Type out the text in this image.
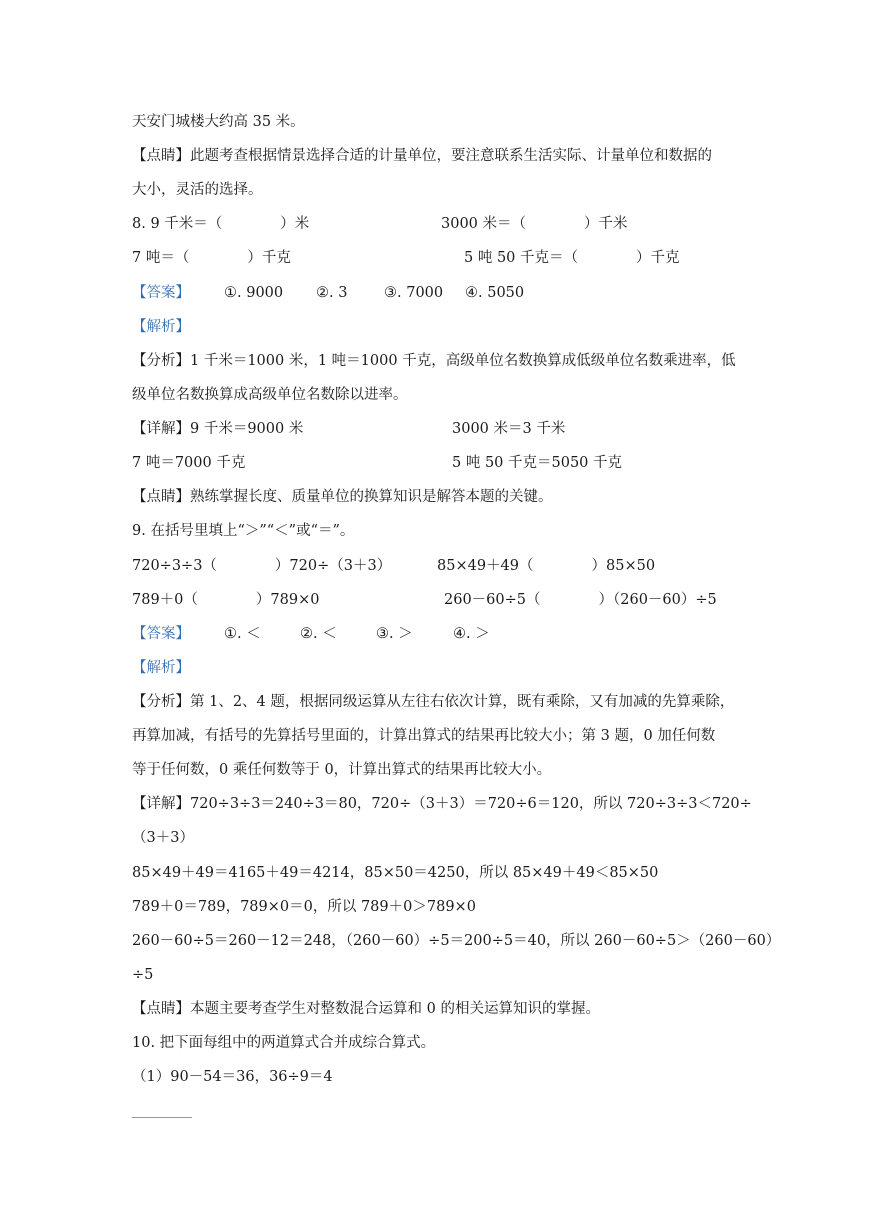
天安门城楼大约高 35 米。
【点睛】此题考查根据情景选择合适的计量单位，要注意联系生活实际、计量单位和数据的
大小，灵活的选择。
8. 9 千米＝（　　　　）米	3000 米＝（　　　　）千米
7 吨＝（　　　　）千克	5 吨 50 千克＝（　　　　）千克
【答案】 ①. 9000 ②. 3	③. 7000 ④. 5050
【解析】
【分析】1 千米＝1000 米，1 吨＝1000 千克，高级单位名数换算成低级单位名数乘进率，低
级单位名数换算成高级单位名数除以进率。
【详解】9 千米＝9000 米	3000 米＝3 千米
7 吨＝7000 千克	5 吨 50 千克＝5050 千克
【点睛】熟练掌握长度、质量单位的换算知识是解答本题的关键。
9. 在括号里填上“＞”“＜”或“＝”。
720÷3÷3（　　　　）720÷（3＋3）	85×49＋49（　　　　）85×50
789＋0（　　　　）789×0	260－60÷5（　　　　）（260－60）÷5
【答案】 ①. ＜	②. ＜	③. ＞	④. ＞
【解析】
【分析】第 1、2、4 题，根据同级运算从左往右依次计算，既有乘除，又有加减的先算乘除，
再算加减，有括号的先算括号里面的，计算出算式的结果再比较大小；第 3 题，0 加任何数
等于任何数，0 乘任何数等于 0，计算出算式的结果再比较大小。
【详解】720÷3÷3＝240÷3＝80，720÷（3＋3）＝720÷6＝120，所以 720÷3÷3＜720÷
（3＋3）
85×49＋49＝4165＋49＝4214，85×50＝4250，所以 85×49＋49＜85×50
789＋0＝789，789×0＝0，所以 789＋0＞789×0
260－60÷5＝260－12＝248，（260－60）÷5＝200÷5＝40，所以 260－60÷5＞（260－60）
÷5
【点睛】本题主要考查学生对整数混合运算和 0 的相关运算知识的掌握。
10. 把下面每组中的两道算式合并成综合算式。
（1）90－54＝36，36÷9＝4
